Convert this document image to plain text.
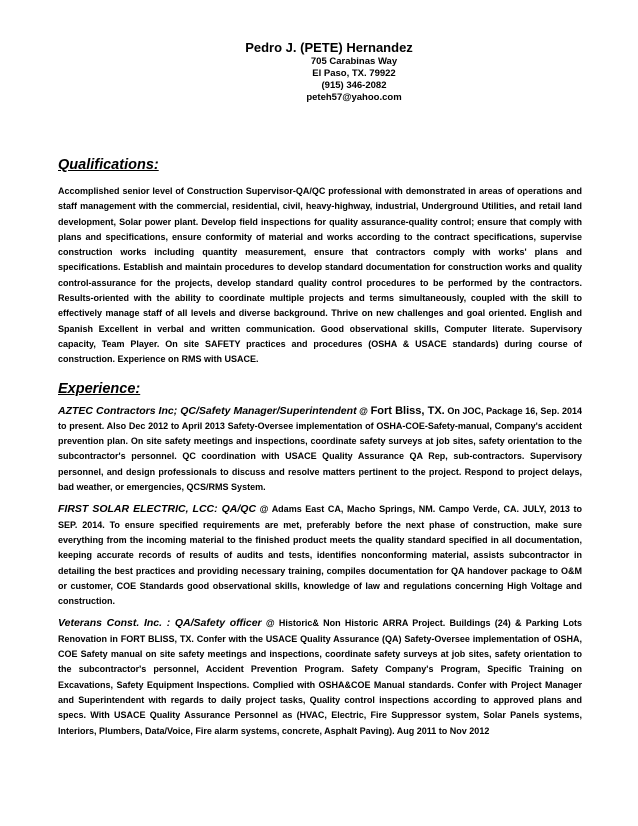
Pedro J. (PETE) Hernandez
705 Carabinas Way
El Paso, TX. 79922
(915) 346-2082
peteh57@yahoo.com
Qualifications:

Accomplished senior level of Construction Supervisor-QA/QC professional with demonstrated in areas of operations and staff management with the commercial, residential, civil, heavy-highway, industrial, Underground Utilities, and retail land development, Solar power plant. Develop field inspections for quality assurance-quality control; ensure that comply with plans and specifications, ensure conformity of material and works according to the contract specifications, supervise construction works including quantity measurement, ensure that contractors comply with works' plans and specifications. Establish and maintain procedures to develop standard documentation for construction works and quality control-assurance for the projects, develop standard quality control procedures to be performed by the contractors. Results-oriented with the ability to coordinate multiple projects and terms simultaneously, coupled with the skill to effectively manage staff of all levels and diverse background. Thrive on new challenges and goal oriented. English and Spanish Excellent in verbal and written communication. Good observational skills, Computer literate. Supervisory capacity, Team Player. On site SAFETY practices and procedures (OSHA & USACE standards) during course of construction. Experience on RMS with USACE.

Experience:

AZTEC Contractors Inc; QC/Safety Manager/Superintendent @ Fort Bliss, TX. On JOC, Package 16, Sep. 2014 to present. Also Dec 2012 to April 2013 Safety-Oversee implementation of OSHA-COE-Safety-manual, Company's accident prevention plan. On site safety meetings and inspections, coordinate safety surveys at job sites, safety orientation to the subcontractor's personnel. QC coordination with USACE Quality Assurance QA Rep, sub-contractors. Supervisory personnel, and design professionals to discuss and resolve matters pertinent to the project. Respond to project delays, bad weather, or emergencies, QCS/RMS System.

FIRST SOLAR ELECTRIC, LCC: QA/QC @ Adams East CA, Macho Springs, NM. Campo Verde, CA. JULY, 2013 to SEP. 2014. To ensure specified requirements are met, preferably before the next phase of construction, make sure everything from the incoming material to the finished product meets the quality standard specified in all documentation, keeping accurate records of results of audits and tests, identifies nonconforming material, assists subcontractor in detailing the best practices and providing necessary training, compiles documentation for QA handover package to O&M or customer, COE Standards good observational skills, knowledge of law and regulations concerning High Voltage and construction.

Veterans Const. Inc. : QA/Safety officer @ Historic& Non Historic ARRA Project. Buildings (24) & Parking Lots Renovation in FORT BLISS, TX. Confer with the USACE Quality Assurance (QA) Safety-Oversee implementation of OSHA, COE Safety manual on site safety meetings and inspections, coordinate safety surveys at job sites, safety orientation to the subcontractor's personnel, Accident Prevention Program. Safety Company's Program, Specific Training on Excavations, Safety Equipment Inspections. Complied with OSHA&COE Manual standards. Confer with Project Manager and Superintendent with regards to daily project tasks, Quality control inspections according to approved plans and specs. With USACE Quality Assurance Personnel as (HVAC, Electric, Fire Suppressor system, Solar Panels systems, Interiors, Plumbers, Data/Voice, Fire alarm systems, concrete, Asphalt Paving). Aug 2011 to Nov 2012
